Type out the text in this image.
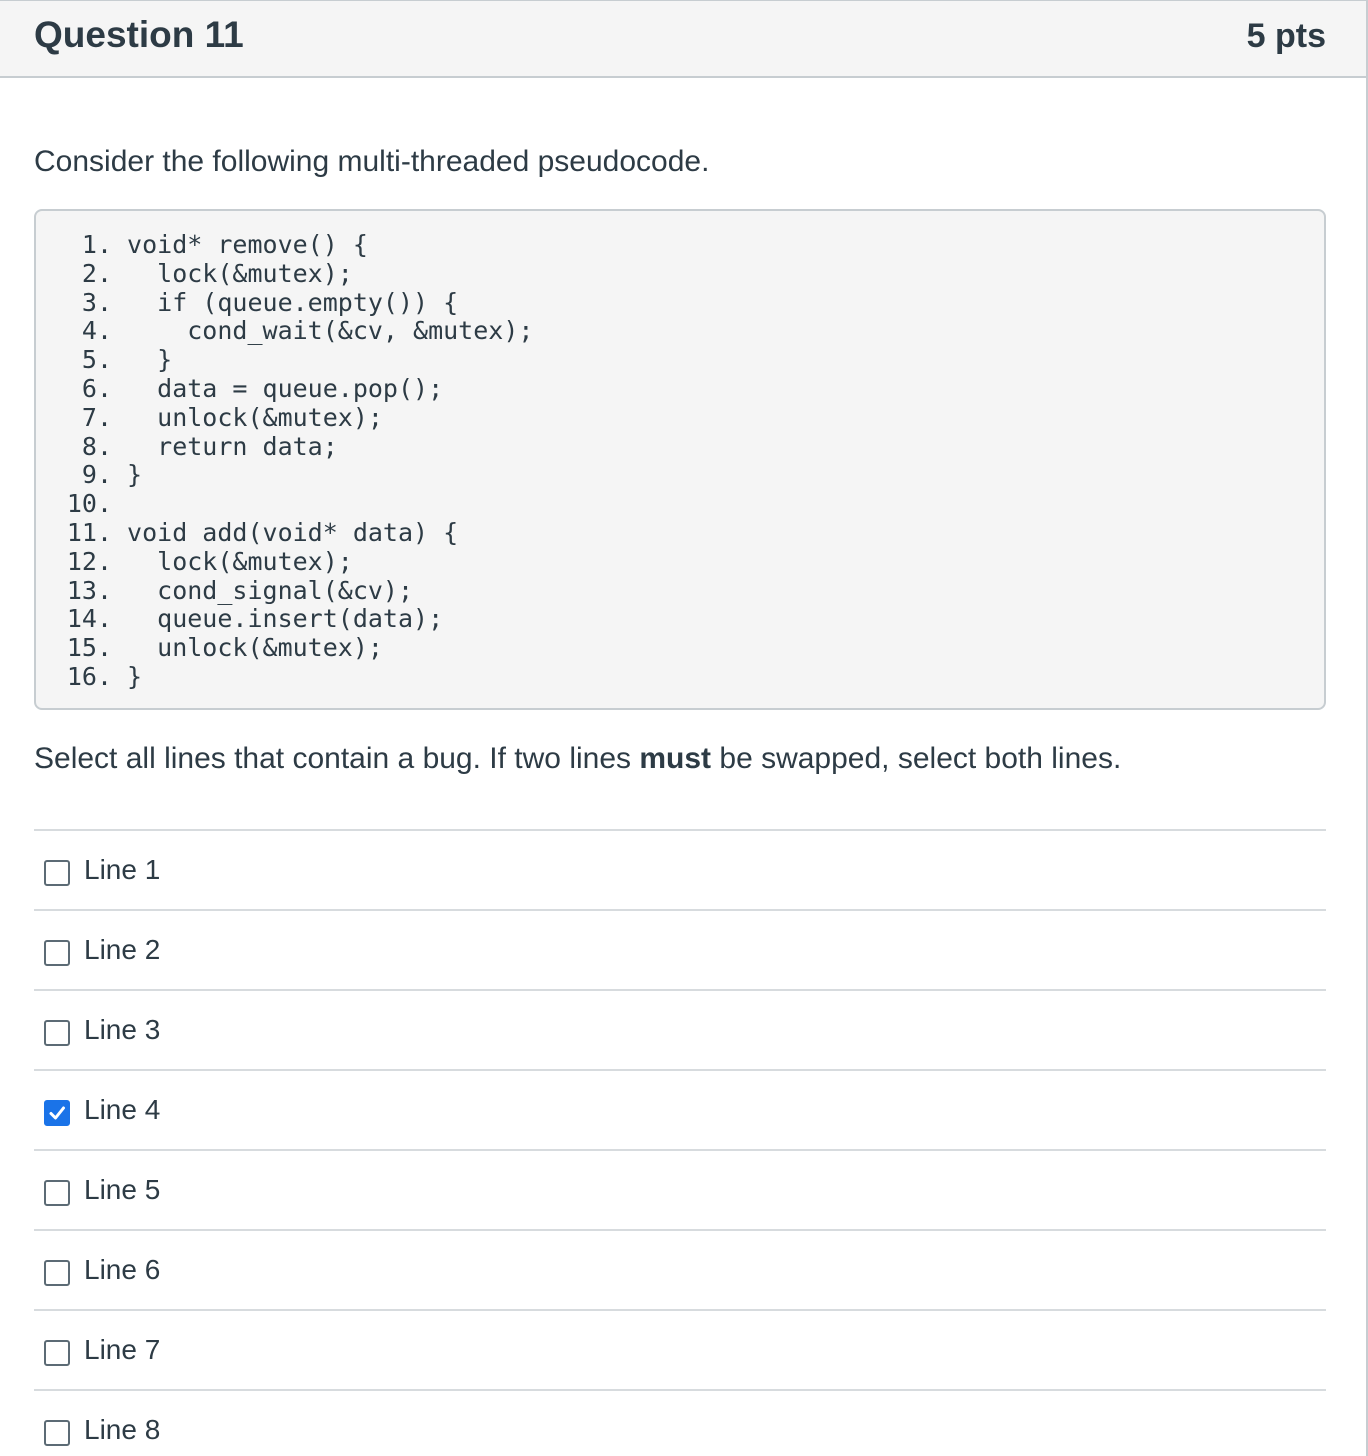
Question 11	5 pts
Consider the following multi-threaded pseudocode.
1. void* remove() {
2.   lock(&mutex);
3.   if (queue.empty()) {
4.     cond_wait(&cv, &mutex);
5.   }
6.   data = queue.pop();
7.   unlock(&mutex);
8.   return data;
9. }
10.
11. void add(void* data) {
12.   lock(&mutex);
13.   cond_signal(&cv);
14.   queue.insert(data);
15.   unlock(&mutex);
16. }
Select all lines that contain a bug. If two lines must be swapped, select both lines.
Line 1
Line 2
Line 3
Line 4
Line 5
Line 6
Line 7
Line 8
